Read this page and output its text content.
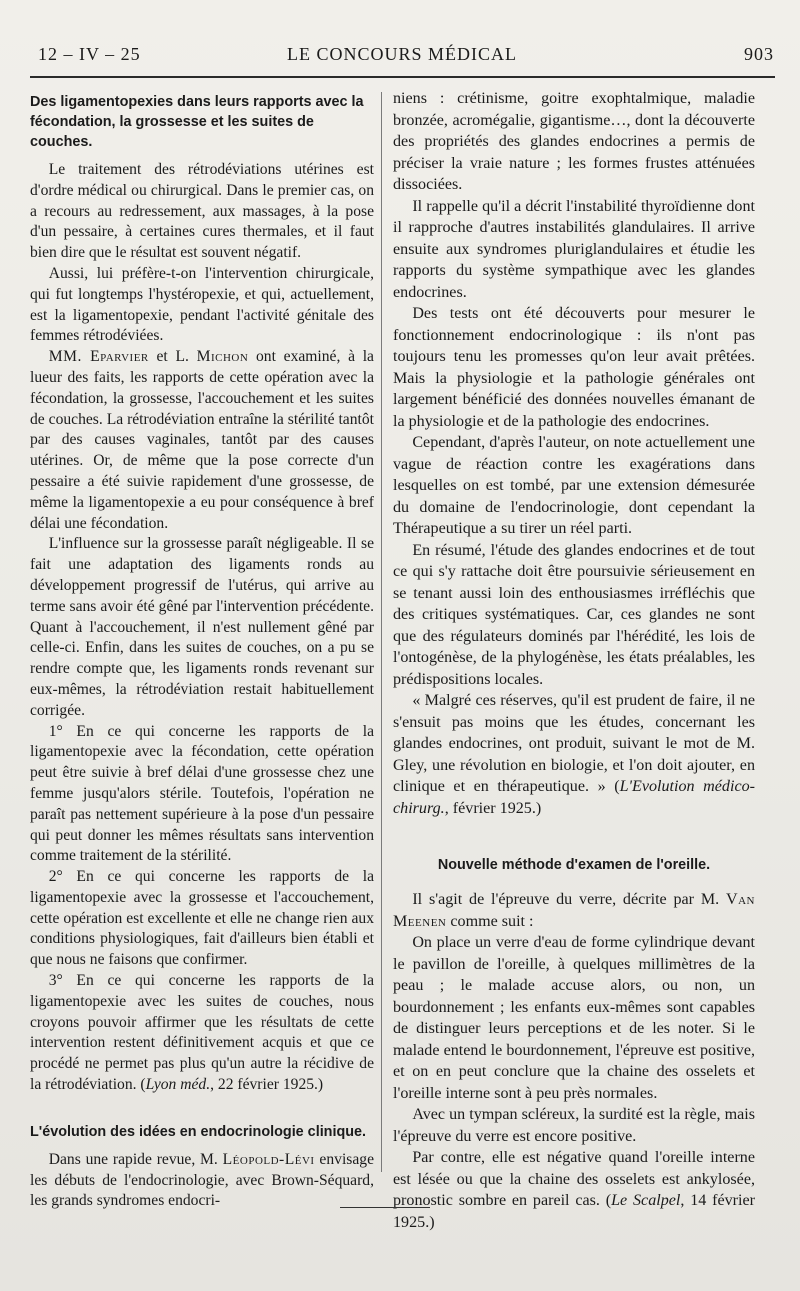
12 – IV – 25	LE CONCOURS MÉDICAL	903
Des ligamentopexies dans leurs rapports avec la fécondation, la grossesse et les suites de couches.

Le traitement des rétrodéviations utérines est d'ordre médical ou chirurgical. Dans le premier cas, on a recours au redressement, aux massages, à la pose d'un pessaire, à certaines cures thermales, et il faut bien dire que le résultat est souvent négatif.

Aussi, lui préfère-t-on l'intervention chirurgicale, qui fut longtemps l'hystéropexie, et qui, actuellement, est la ligamentopexie, pendant l'activité génitale des femmes rétrodéviées.

MM. Eparvier et L. Michon ont examiné, à la lueur des faits, les rapports de cette opération avec la fécondation, la grossesse, l'accouchement et les suites de couches. La rétrodéviation entraîne la stérilité tantôt par des causes vaginales, tantôt par des causes utérines. Or, de même que la pose correcte d'un pessaire a été suivie rapidement d'une grossesse, de même la ligamentopexie a eu pour conséquence à bref délai une fécondation.

L'influence sur la grossesse paraît négligeable. Il se fait une adaptation des ligaments ronds au développement progressif de l'utérus, qui arrive au terme sans avoir été gêné par l'intervention précédente. Quant à l'accouchement, il n'est nullement gêné par celle-ci. Enfin, dans les suites de couches, on a pu se rendre compte que, les ligaments ronds revenant sur eux-mêmes, la rétrodéviation restait habituellement corrigée.

1° En ce qui concerne les rapports de la ligamentopexie avec la fécondation, cette opération peut être suivie à bref délai d'une grossesse chez une femme jusqu'alors stérile. Toutefois, l'opération ne paraît pas nettement supérieure à la pose d'un pessaire qui peut donner les mêmes résultats sans intervention comme traitement de la stérilité.

2° En ce qui concerne les rapports de la ligamentopexie avec la grossesse et l'accouchement, cette opération est excellente et elle ne change rien aux conditions physiologiques, fait d'ailleurs bien établi et que nous ne faisons que confirmer.

3° En ce qui concerne les rapports de la ligamentopexie avec les suites de couches, nous croyons pouvoir affirmer que les résultats de cette intervention restent définitivement acquis et que ce procédé ne permet pas plus qu'un autre la récidive de la rétrodéviation. (Lyon méd., 22 février 1925.)

L'évolution des idées en endocrinologie clinique.

Dans une rapide revue, M. Léopold-Lévi envisage les débuts de l'endocrinologie, avec Brown-Séquard, les grands syndromes endocri-

niens : crétinisme, goitre exophtalmique, maladie bronzée, acromégalie, gigantisme…, dont la découverte des propriétés des glandes endocrines a permis de préciser la vraie nature ; les formes frustes atténuées dissociées.

Il rappelle qu'il a décrit l'instabilité thyroïdienne dont il rapproche d'autres instabilités glandulaires. Il arrive ensuite aux syndromes pluriglandulaires et étudie les rapports du système sympathique avec les glandes endocrines.

Des tests ont été découverts pour mesurer le fonctionnement endocrinologique : ils n'ont pas toujours tenu les promesses qu'on leur avait prêtées. Mais la physiologie et la pathologie générales ont largement bénéficié des données nouvelles émanant de la physiologie et de la pathologie des endocrines.

Cependant, d'après l'auteur, on note actuellement une vague de réaction contre les exagérations dans lesquelles on est tombé, par une extension démesurée du domaine de l'endocrinologie, dont cependant la Thérapeutique a su tirer un réel parti.

En résumé, l'étude des glandes endocrines et de tout ce qui s'y rattache doit être poursuivie sérieusement en se tenant aussi loin des enthousiasmes irréfléchis que des critiques systématiques. Car, ces glandes ne sont que des régulateurs dominés par l'hérédité, les lois de l'ontogénèse, de la phylogénèse, les états préalables, les prédispositions locales.

« Malgré ces réserves, qu'il est prudent de faire, il ne s'ensuit pas moins que les études, concernant les glandes endocrines, ont produit, suivant le mot de M. Gley, une révolution en biologie, et l'on doit ajouter, en clinique et en thérapeutique. » (L'Evolution médico-chirurg., février 1925.)

Nouvelle méthode d'examen de l'oreille.

Il s'agit de l'épreuve du verre, décrite par M. Van Meenen comme suit :

On place un verre d'eau de forme cylindrique devant le pavillon de l'oreille, à quelques millimètres de la peau ; le malade accuse alors, ou non, un bourdonnement ; les enfants eux-mêmes sont capables de distinguer leurs perceptions et de les noter. Si le malade entend le bourdonnement, l'épreuve est positive, et on en peut conclure que la chaine des osselets et l'oreille interne sont à peu près normales.

Avec un tympan scléreux, la surdité est la règle, mais l'épreuve du verre est encore positive.

Par contre, elle est négative quand l'oreille interne est lésée ou que la chaine des osselets est ankylosée, pronostic sombre en pareil cas. (Le Scalpel, 14 février 1925.)
